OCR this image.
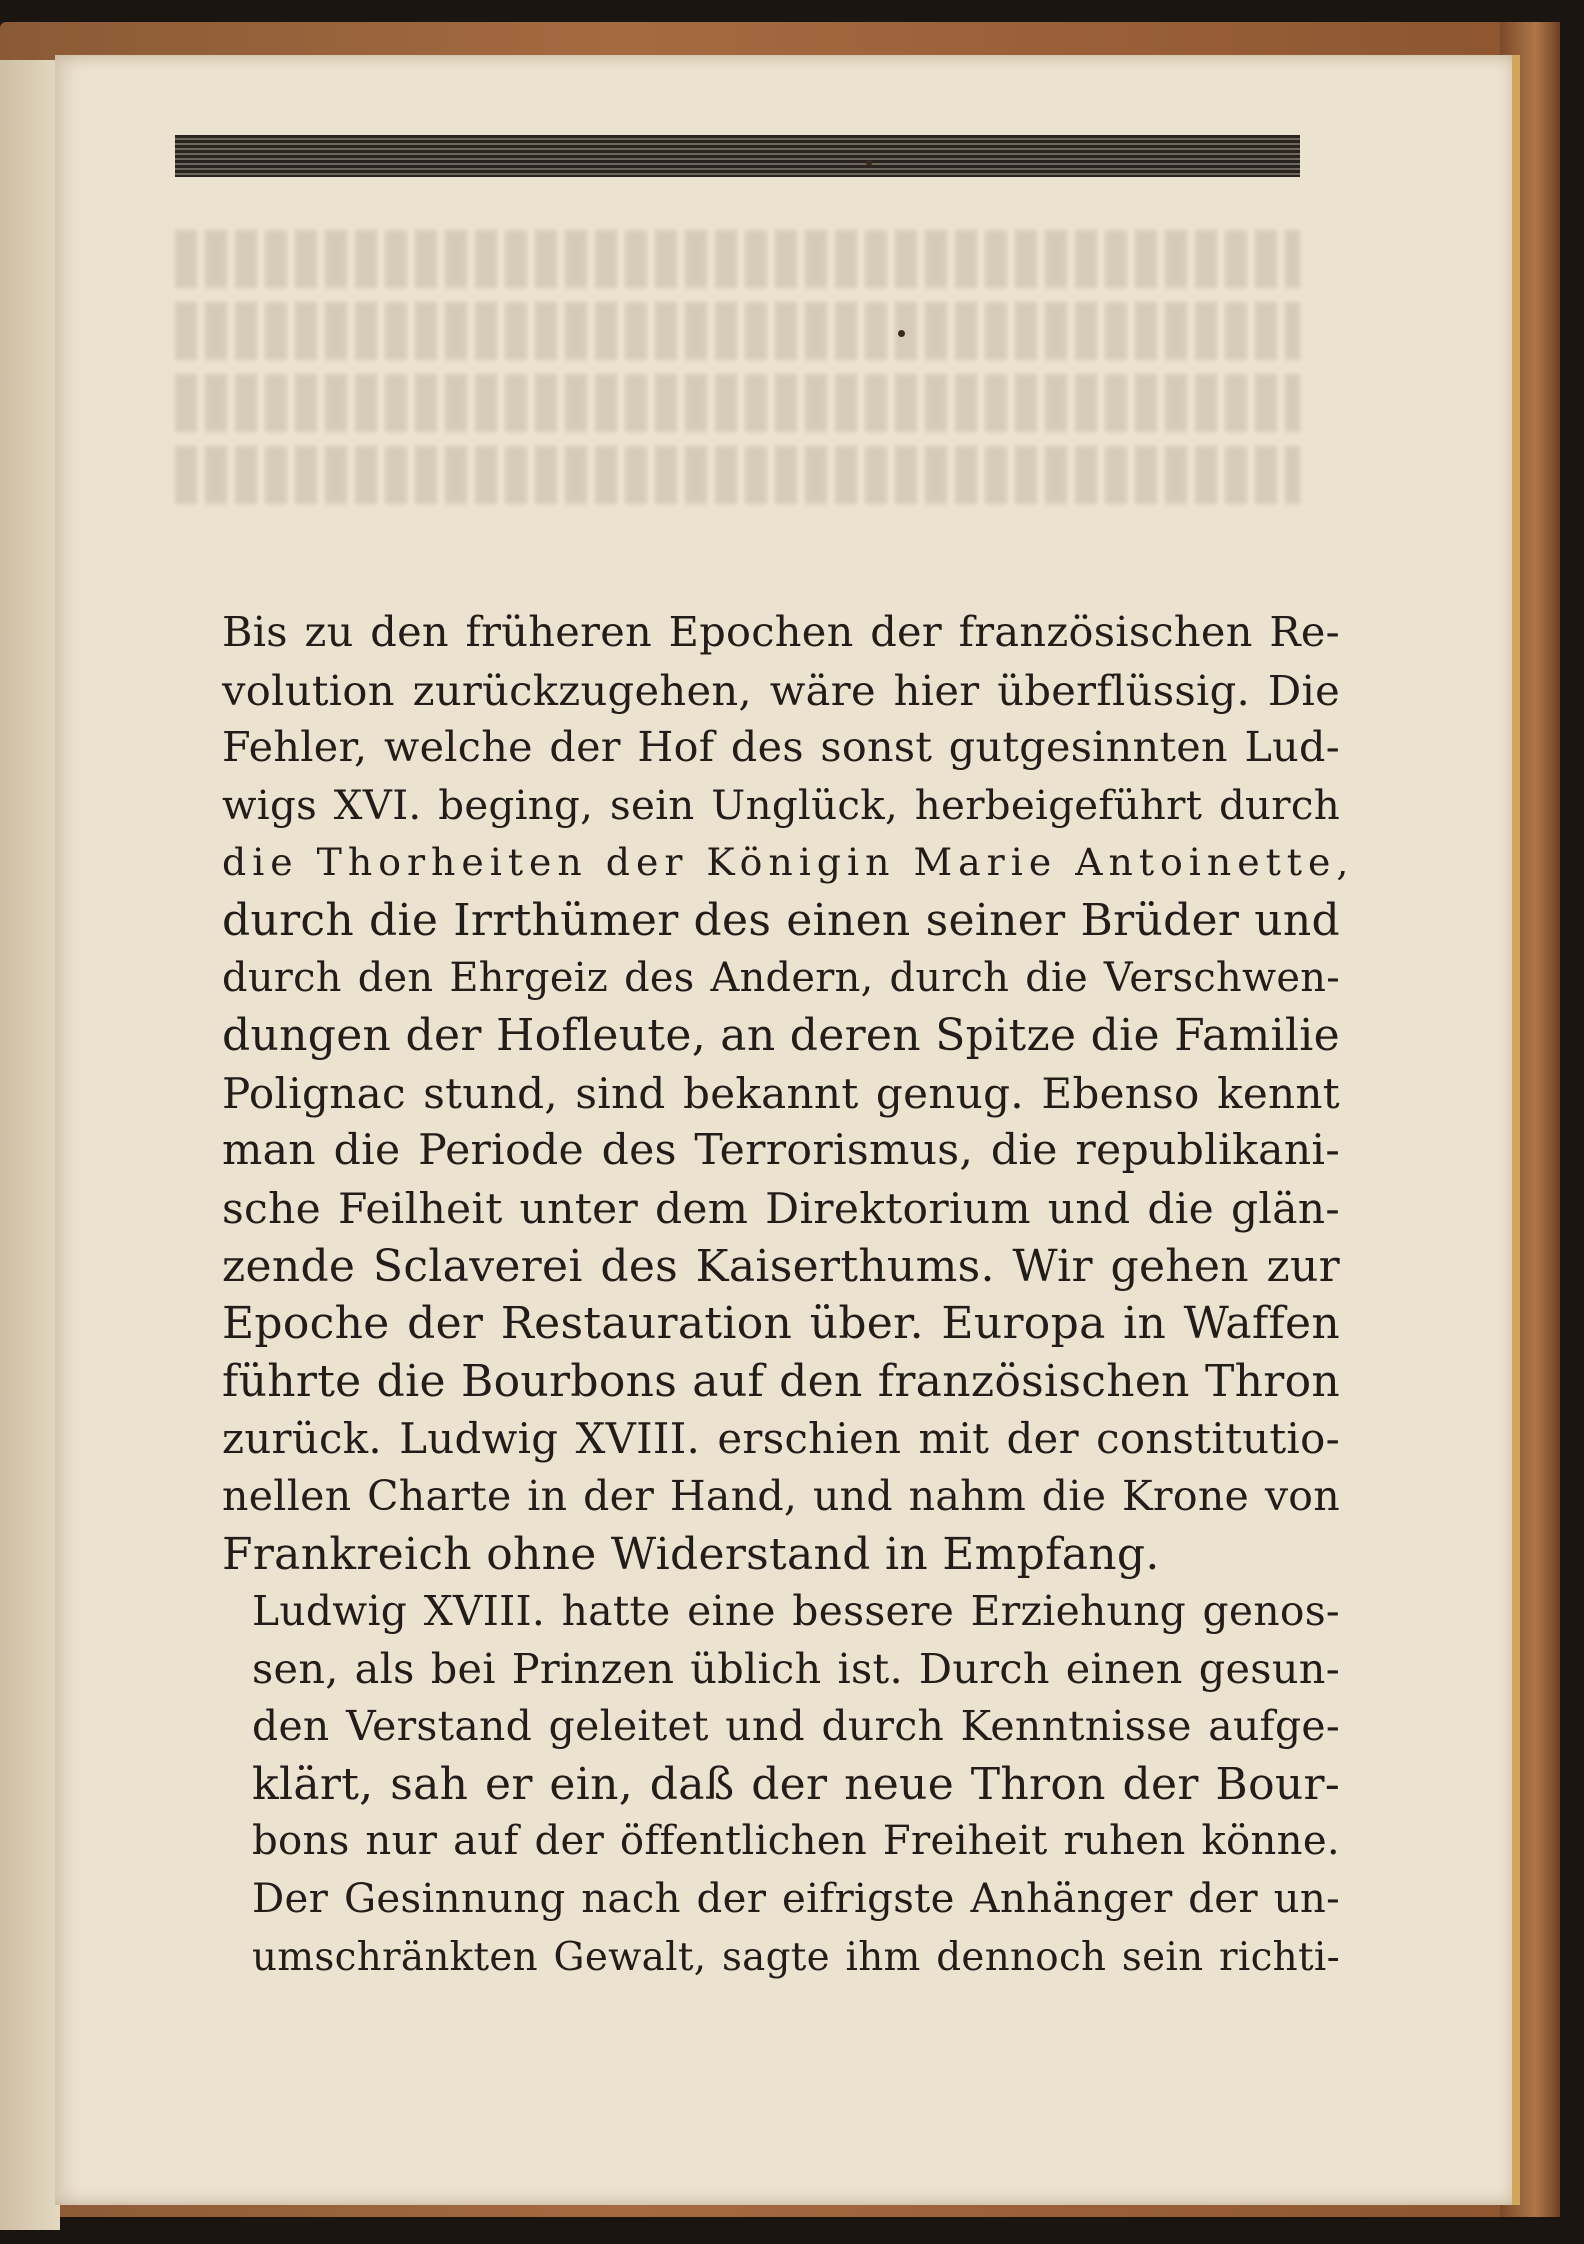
Bis zu den früheren Epochen der französischen Re-
volution zurückzugehen, wäre hier überflüssig. Die
Fehler, welche der Hof des sonst gutgesinnten Lud-
wigs XVI. beging, sein Unglück, herbeigeführt durch
die Thorheiten der Königin Marie Antoinette,
durch die Irrthümer des einen seiner Brüder und
durch den Ehrgeiz des Andern, durch die Verschwen-
dungen der Hofleute, an deren Spitze die Familie
Polignac stund, sind bekannt genug. Ebenso kennt
man die Periode des Terrorismus, die republikani-
sche Feilheit unter dem Direktorium und die glän-
zende Sclaverei des Kaiserthums. Wir gehen zur
Epoche der Restauration über. Europa in Waffen
führte die Bourbons auf den französischen Thron
zurück. Ludwig XVIII. erschien mit der constitutio-
nellen Charte in der Hand, und nahm die Krone von
Frankreich ohne Widerstand in Empfang.
Ludwig XVIII. hatte eine bessere Erziehung genos-
sen, als bei Prinzen üblich ist. Durch einen gesun-
den Verstand geleitet und durch Kenntnisse aufge-
klärt, sah er ein, daß der neue Thron der Bour-
bons nur auf der öffentlichen Freiheit ruhen könne.
Der Gesinnung nach der eifrigste Anhänger der un-
umschränkten Gewalt, sagte ihm dennoch sein richti-
